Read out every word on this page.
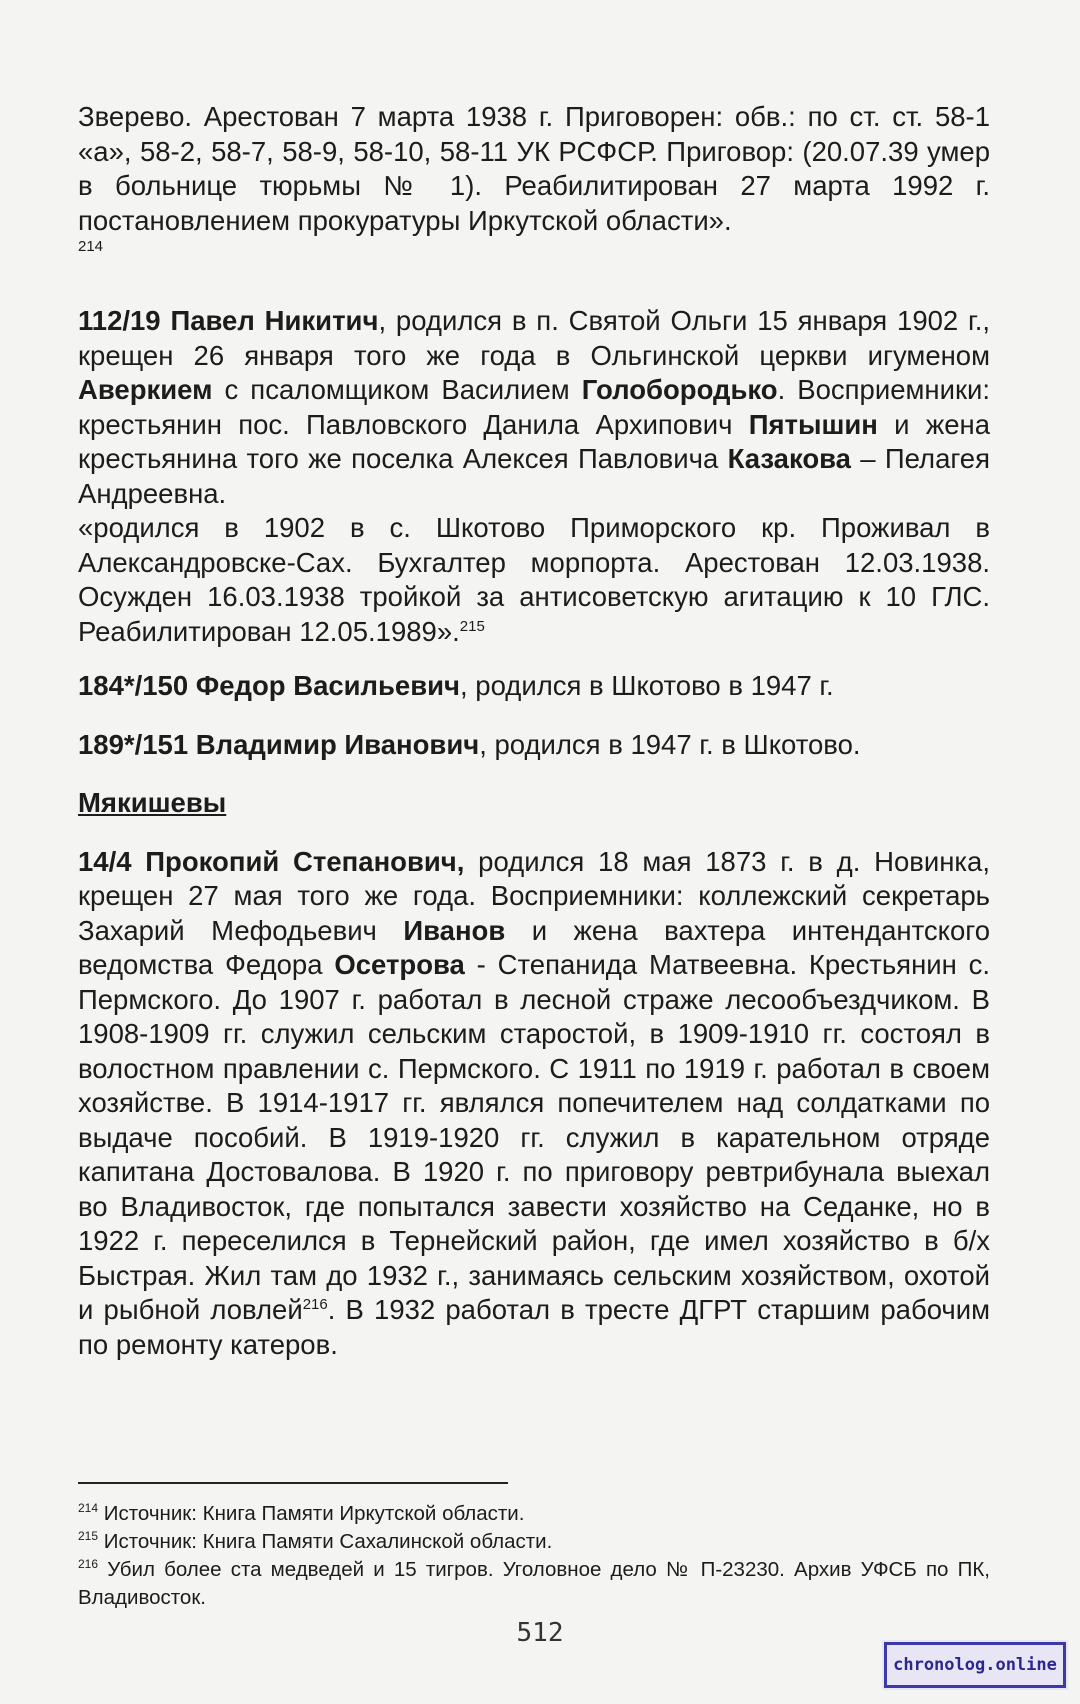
Зверево. Арестован 7 марта 1938 г. Приговорен: обв.: по ст. ст. 58-1 «а», 58-2, 58-7, 58-9, 58-10, 58-11 УК РСФСР. Приговор: (20.07.39 умер в больнице тюрьмы № 1). Реабилитирован 27 марта 1992 г. постановлением прокуратуры Иркутской области».
214

112/19 Павел Никитич, родился в п. Святой Ольги 15 января 1902 г., крещен 26 января того же года в Ольгинской церкви игуменом Аверкием с псаломщиком Василием Голобородько. Восприемники: крестьянин пос. Павловского Данила Архипович Пятышин и жена крестьянина того же поселка Алексея Павловича Казакова – Пелагея Андреевна.

«родился в 1902 в с. Шкотово Приморского кр. Проживал в Александровске-Сах. Бухгалтер морпорта. Арестован 12.03.1938. Осужден 16.03.1938 тройкой за антисоветскую агитацию к 10 ГЛС. Реабилитирован 12.05.1989».$^{215}$

184*/150 Федор Васильевич, родился в Шкотово в 1947 г.

189*/151 Владимир Иванович, родился в 1947 г. в Шкотово.

Мякишевы

14/4 Прокопий Степанович, родился 18 мая 1873 г. в д. Новинка, крещен 27 мая того же года. Восприемники: коллежский секретарь Захарий Мефодьевич Иванов и жена вахтера интендантского ведомства Федора Осетрова - Степанида Матвеевна. Крестьянин с. Пермского. До 1907 г. работал в лесной страже лесообъездчиком. В 1908-1909 гг. служил сельским старостой, в 1909-1910 гг. состоял в волостном правлении с. Пермского. С 1911 по 1919 г. работал в своем хозяйстве. В 1914-1917 гг. являлся попечителем над солдатками по выдаче пособий. В 1919-1920 гг. служил в карательном отряде капитана Достовалова. В 1920 г. по приговору ревтрибунала выехал во Владивосток, где попытался завести хозяйство на Седанке, но в 1922 г. переселился в Тернейский район, где имел хозяйство в б/х Быстрая. Жил там до 1932 г., занимаясь сельским хозяйством, охотой и рыбной ловлей$^{216}$. В 1932 работал в тресте ДГРТ старшим рабочим по ремонту катеров.

$^{214}$ Источник: Книга Памяти Иркутской области.
$^{215}$ Источник: Книга Памяти Сахалинской области.
$^{216}$ Убил более ста медведей и 15 тигров. Уголовное дело № П-23230. Архив УФСБ по ПК, Владивосток.
512
chronolog.online
